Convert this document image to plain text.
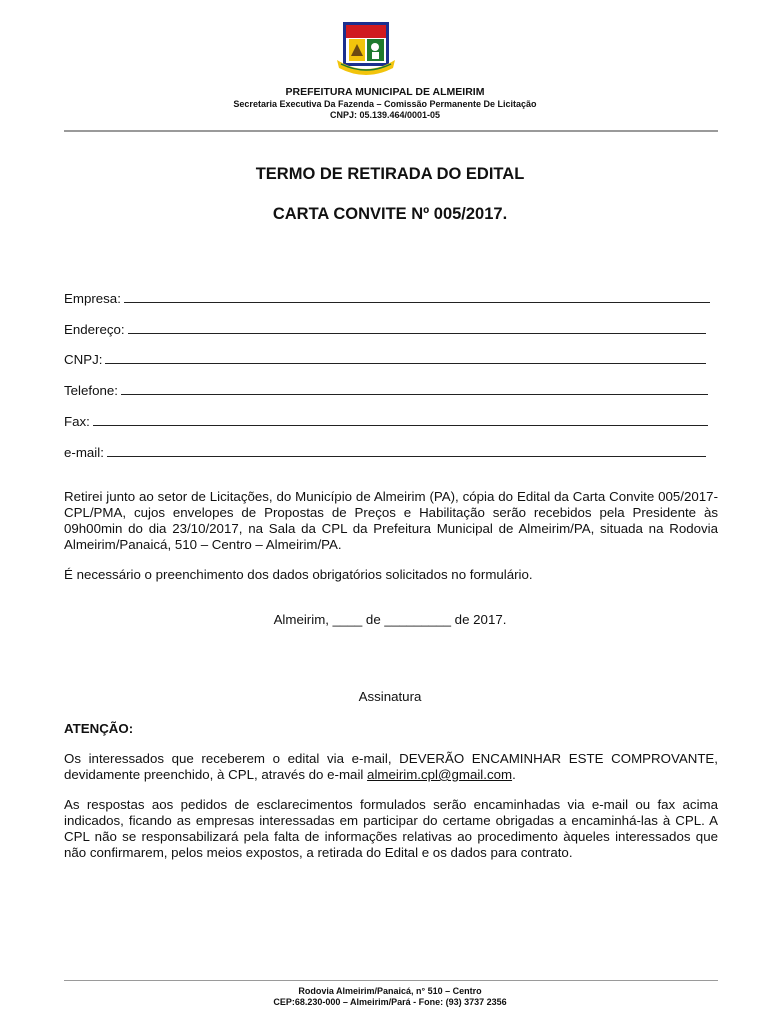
PREFEITURA MUNICIPAL DE ALMEIRIM
Secretaria Executiva Da Fazenda – Comissão Permanente De Licitação
CNPJ: 05.139.464/0001-05
TERMO DE RETIRADA DO EDITAL
CARTA CONVITE Nº 005/2017.
Empresa:
Endereço:
CNPJ:
Telefone:
Fax:
e-mail:

Retirei junto ao setor de Licitações, do Município de Almeirim (PA), cópia do Edital da Carta Convite 005/2017-CPL/PMA, cujos envelopes de Propostas de Preços e Habilitação serão recebidos pela Presidente às 09h00min do dia 23/10/2017, na Sala da CPL da Prefeitura Municipal de Almeirim/PA, situada na Rodovia Almeirim/Panaicá, 510 – Centro – Almeirim/PA.

É necessário o preenchimento dos dados obrigatórios solicitados no formulário.

Almeirim, ____ de _________ de 2017.
Assinatura
ATENÇÃO:

Os interessados que receberem o edital via e-mail, DEVERÃO ENCAMINHAR ESTE COMPROVANTE, devidamente preenchido, à CPL, através do e-mail almeirim.cpl@gmail.com.

As respostas aos pedidos de esclarecimentos formulados serão encaminhadas via e-mail ou fax acima indicados, ficando as empresas interessadas em participar do certame obrigadas a encaminhá-las à CPL. A CPL não se responsabilizará pela falta de informações relativas ao procedimento àqueles interessados que não confirmarem, pelos meios expostos, a retirada do Edital e os dados para contrato.

Rodovia Almeirim/Panaicá, n° 510 – Centro
CEP:68.230-000 – Almeirim/Pará - Fone: (93) 3737 2356
